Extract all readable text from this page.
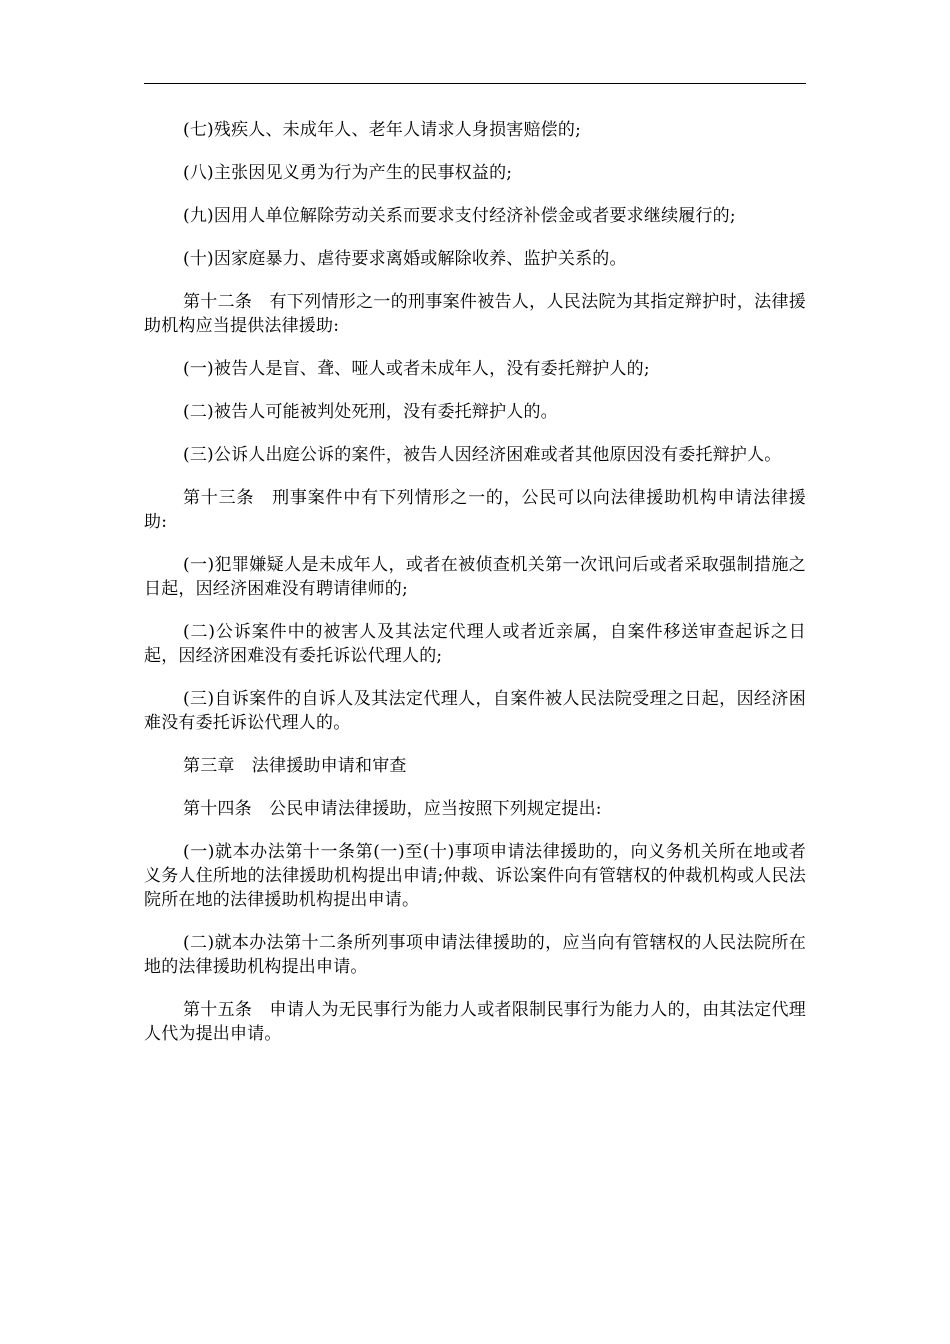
(七)残疾人、未成年人、老年人请求人身损害赔偿的;

(八)主张因见义勇为行为产生的民事权益的;

(九)因用人单位解除劳动关系而要求支付经济补偿金或者要求继续履行的;

(十)因家庭暴力、虐待要求离婚或解除收养、监护关系的。

第十二条　有下列情形之一的刑事案件被告人，人民法院为其指定辩护时，法律援助机构应当提供法律援助:

(一)被告人是盲、聋、哑人或者未成年人，没有委托辩护人的;

(二)被告人可能被判处死刑，没有委托辩护人的。

(三)公诉人出庭公诉的案件，被告人因经济困难或者其他原因没有委托辩护人。

第十三条　刑事案件中有下列情形之一的，公民可以向法律援助机构申请法律援助:

(一)犯罪嫌疑人是未成年人，或者在被侦查机关第一次讯问后或者采取强制措施之日起，因经济困难没有聘请律师的;

(二)公诉案件中的被害人及其法定代理人或者近亲属，自案件移送审查起诉之日起，因经济困难没有委托诉讼代理人的;

(三)自诉案件的自诉人及其法定代理人，自案件被人民法院受理之日起，因经济困难没有委托诉讼代理人的。

第三章　法律援助申请和审查

第十四条　公民申请法律援助，应当按照下列规定提出:

(一)就本办法第十一条第(一)至(十)事项申请法律援助的，向义务机关所在地或者义务人住所地的法律援助机构提出申请;仲裁、诉讼案件向有管辖权的仲裁机构或人民法院所在地的法律援助机构提出申请。

(二)就本办法第十二条所列事项申请法律援助的，应当向有管辖权的人民法院所在地的法律援助机构提出申请。

第十五条　申请人为无民事行为能力人或者限制民事行为能力人的，由其法定代理人代为提出申请。
